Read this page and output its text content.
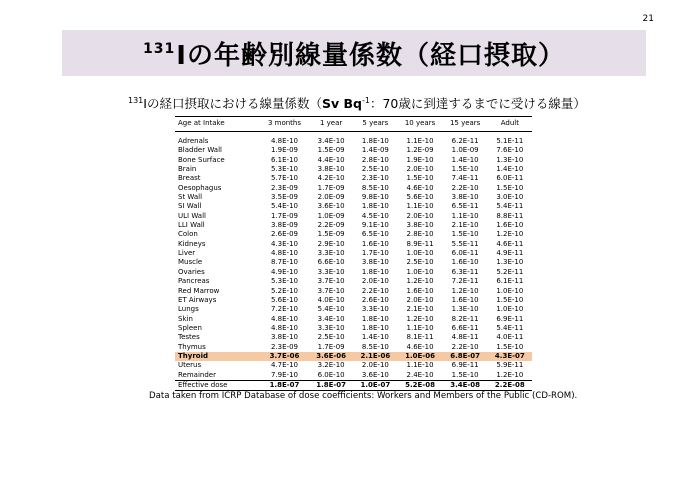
21
$^{131}$ Iの年齢別線量係数（経口摂取）
$^{131}$Iの経口摂取における線量係数（Sv $Bq^{-1}$：70歳に到達するまでに受ける線量）
Age at Intake	3 months	1 year	5 years	10 years	15 years	Adult

Adrenals	4.8E-10	3.4E-10	1.8E-10	1.1E-10	6.2E-11	5.1E-11
Bladder Wall	1.9E-09	1.5E-09	1.4E-09	1.2E-09	1.0E-09	7.6E-10
Bone Surface	6.1E-10	4.4E-10	2.8E-10	1.9E-10	1.4E-10	1.3E-10
Brain	5.3E-10	3.8E-10	2.5E-10	2.0E-10	1.5E-10	1.4E-10
Breast	5.7E-10	4.2E-10	2.3E-10	1.5E-10	7.4E-11	6.0E-11
Oesophagus	2.3E-09	1.7E-09	8.5E-10	4.6E-10	2.2E-10	1.5E-10
St Wall	3.5E-09	2.0E-09	9.8E-10	5.6E-10	3.8E-10	3.0E-10
SI Wall	5.4E-10	3.6E-10	1.8E-10	1.1E-10	6.5E-11	5.4E-11
ULI Wall	1.7E-09	1.0E-09	4.5E-10	2.0E-10	1.1E-10	8.8E-11
LLI Wall	3.8E-09	2.2E-09	9.1E-10	3.8E-10	2.1E-10	1.6E-10
Colon	2.6E-09	1.5E-09	6.5E-10	2.8E-10	1.5E-10	1.2E-10
Kidneys	4.3E-10	2.9E-10	1.6E-10	8.9E-11	5.5E-11	4.6E-11
Liver	4.8E-10	3.3E-10	1.7E-10	1.0E-10	6.0E-11	4.9E-11
Muscle	8.7E-10	6.6E-10	3.8E-10	2.5E-10	1.6E-10	1.3E-10
Ovaries	4.9E-10	3.3E-10	1.8E-10	1.0E-10	6.3E-11	5.2E-11
Pancreas	5.3E-10	3.7E-10	2.0E-10	1.2E-10	7.2E-11	6.1E-11
Red Marrow	5.2E-10	3.7E-10	2.2E-10	1.6E-10	1.2E-10	1.0E-10
ET Airways	5.6E-10	4.0E-10	2.6E-10	2.0E-10	1.6E-10	1.5E-10
Lungs	7.2E-10	5.4E-10	3.3E-10	2.1E-10	1.3E-10	1.0E-10
Skin	4.8E-10	3.4E-10	1.8E-10	1.2E-10	8.2E-11	6.9E-11
Spleen	4.8E-10	3.3E-10	1.8E-10	1.1E-10	6.6E-11	5.4E-11
Testes	3.8E-10	2.5E-10	1.4E-10	8.1E-11	4.8E-11	4.0E-11
Thymus	2.3E-09	1.7E-09	8.5E-10	4.6E-10	2.2E-10	1.5E-10
Thyroid	3.7E-06	3.6E-06	2.1E-06	1.0E-06	6.8E-07	4.3E-07
Uterus	4.7E-10	3.2E-10	2.0E-10	1.1E-10	6.9E-11	5.9E-11
Remainder	7.9E-10	6.0E-10	3.6E-10	2.4E-10	1.5E-10	1.2E-10
Effective dose	1.8E-07	1.8E-07	1.0E-07	5.2E-08	3.4E-08	2.2E-08
Data taken from ICRP Database of dose coefficients: Workers and Members of the Public (CD-ROM).
